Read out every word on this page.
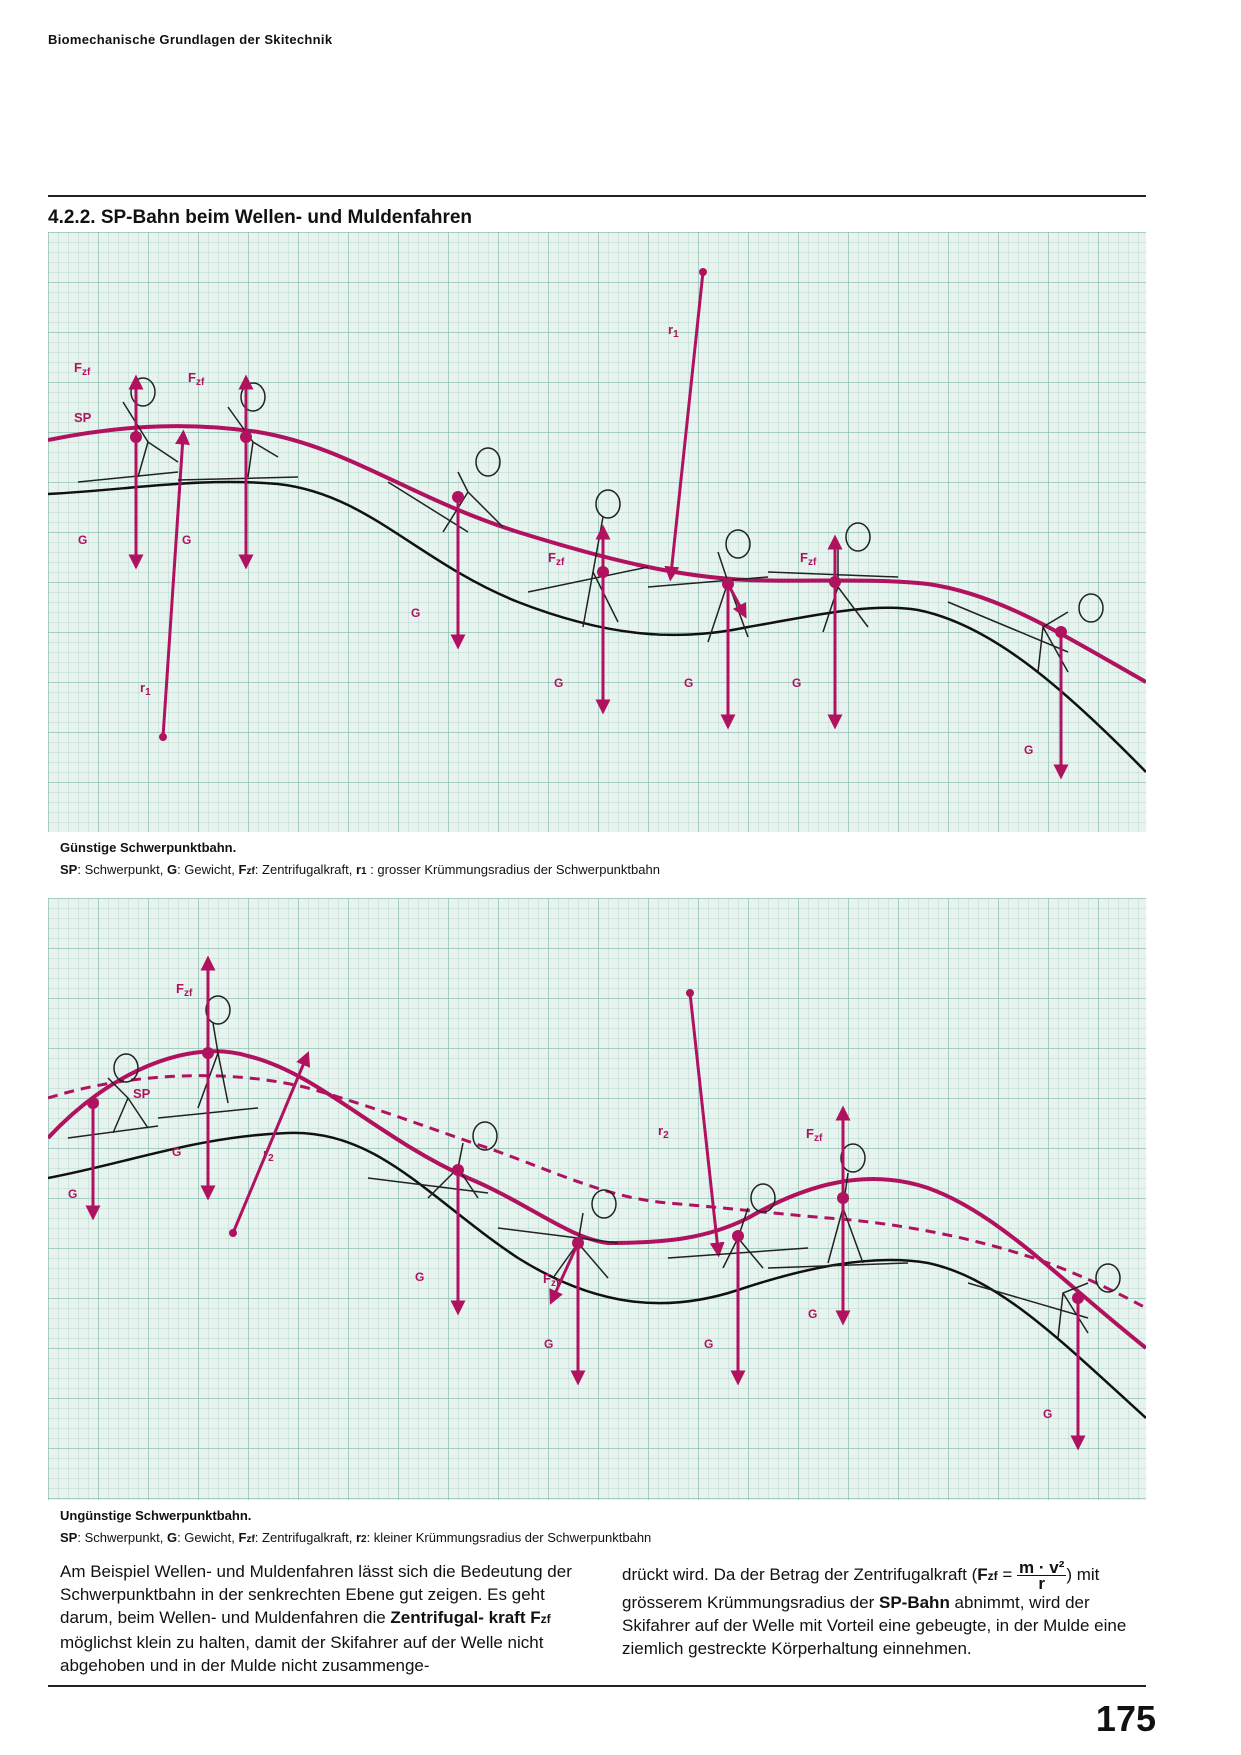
Biomechanische Grundlagen der Skitechnik
4.2.2. SP-Bahn beim Wellen- und Muldenfahren
$F_{zf}$
SP
$F_{zf}$
G	G
G
G	G	G
G
$F_{zf}$	$F_{zf}$
$r_1$
$r_1$
Günstige Schwerpunktbahn.
SP: Schwerpunkt, G: Gewicht, Fzf: Zentrifugalkraft, r1 : grosser Krümmungsradius der Schwerpunktbahn
$F_{zf}$
SP
G
G	$r_2$
G	$F_{zf}$
G	G
$r_2$	$F_{zf}$
G
G
Ungünstige Schwerpunktbahn.
SP: Schwerpunkt, G: Gewicht, Fzf: Zentrifugalkraft, r2: kleiner Krümmungsradius der Schwerpunktbahn
Am Beispiel Wellen- und Muldenfahren lässt sich die Bedeutung der Schwerpunktbahn in der senkrechten Ebene gut zeigen. Es geht darum, beim Wellen- und Muldenfahren die Zentrifugal- kraft Fzf möglichst klein zu halten, damit der Skifahrer auf der Welle nicht abgehoben und in der Mulde nicht zusammenge-
drückt wird. Da der Betrag der Zentrifugalkraft ($Fzf = \frac{\text{m · v²}}{r}$ ) mit grösserem Krümmungsradius der SP-Bahn abnimmt, wird der Skifahrer auf der Welle mit Vorteil eine gebeugte, in der Mulde eine ziemlich gestreckte Körperhaltung einnehmen.
175
